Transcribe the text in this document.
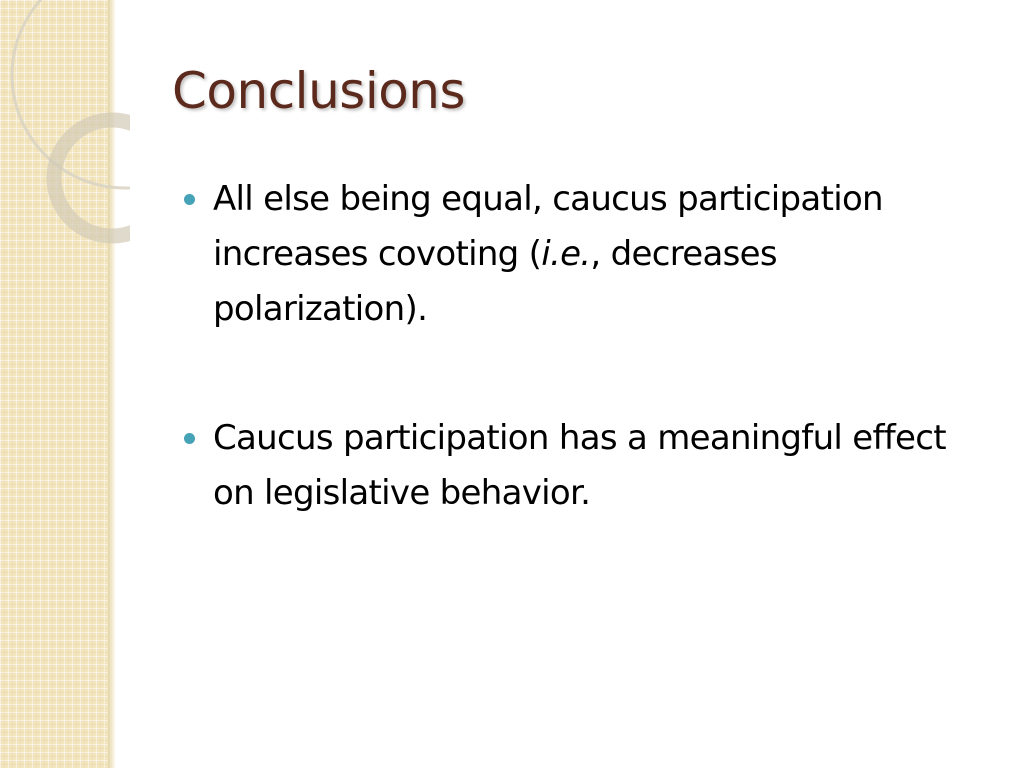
Conclusions
All else being equal, caucus participation increases covoting (i.e., decreases polarization).
Caucus participation has a meaningful effect on legislative behavior.
